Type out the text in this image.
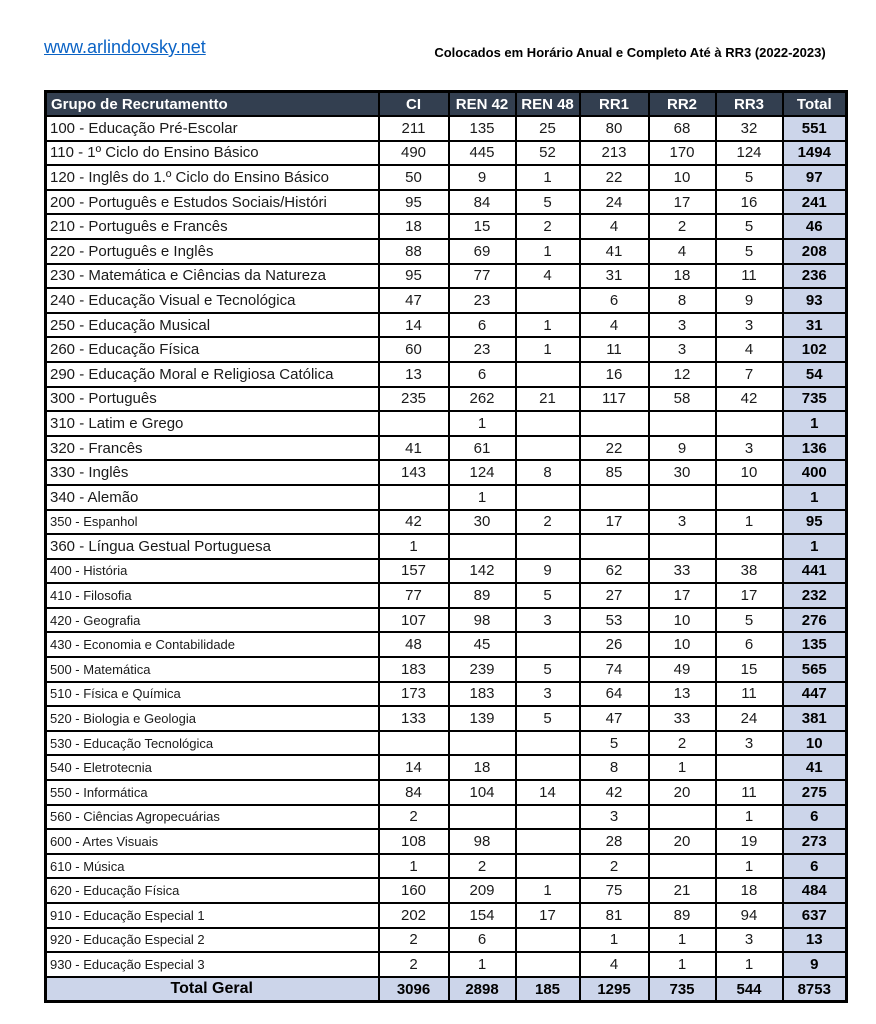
www.arlindovsky.net	Colocados em Horário Anual e Completo Até à RR3 (2022-2023)
Grupo de Recrutamentto	CI	REN 42	REN 48	RR1	RR2	RR3	Total
100 - Educação Pré-Escolar	211	135	25	80	68	32	551
110 - 1º Ciclo do Ensino Básico	490	445	52	213	170	124	1494
120 - Inglês do 1.º Ciclo do Ensino Básico	50	9	1	22	10	5	97
200 - Português e Estudos Sociais/Históri	95	84	5	24	17	16	241
210 - Português e Francês	18	15	2	4	2	5	46
220 - Português e Inglês	88	69	1	41	4	5	208
230 - Matemática e Ciências da Natureza	95	77	4	31	18	11	236
240 - Educação Visual e Tecnológica	47	23		6	8	9	93
250 - Educação Musical	14	6	1	4	3	3	31
260 - Educação Física	60	23	1	11	3	4	102
290 - Educação Moral e Religiosa Católica	13	6		16	12	7	54
300 - Português	235	262	21	117	58	42	735
310 - Latim e Grego		1					1
320 - Francês	41	61		22	9	3	136
330 - Inglês	143	124	8	85	30	10	400
340 - Alemão		1					1
350 - Espanhol	42	30	2	17	3	1	95
360 - Língua Gestual Portuguesa	1						1
400 - História	157	142	9	62	33	38	441
410 - Filosofia	77	89	5	27	17	17	232
420 - Geografia	107	98	3	53	10	5	276
430 - Economia e Contabilidade	48	45		26	10	6	135
500 - Matemática	183	239	5	74	49	15	565
510 - Física e Química	173	183	3	64	13	11	447
520 - Biologia e Geologia	133	139	5	47	33	24	381
530 - Educação Tecnológica				5	2	3	10
540 - Eletrotecnia	14	18		8	1		41
550 - Informática	84	104	14	42	20	11	275
560 - Ciências Agropecuárias	2			3		1	6
600 - Artes Visuais	108	98		28	20	19	273
610 - Música	1	2		2		1	6
620 - Educação Física	160	209	1	75	21	18	484
910 - Educação Especial 1	202	154	17	81	89	94	637
920 - Educação Especial 2	2	6		1	1	3	13
930 - Educação Especial 3	2	1		4	1	1	9
Total Geral	3096	2898	185	1295	735	544	8753
